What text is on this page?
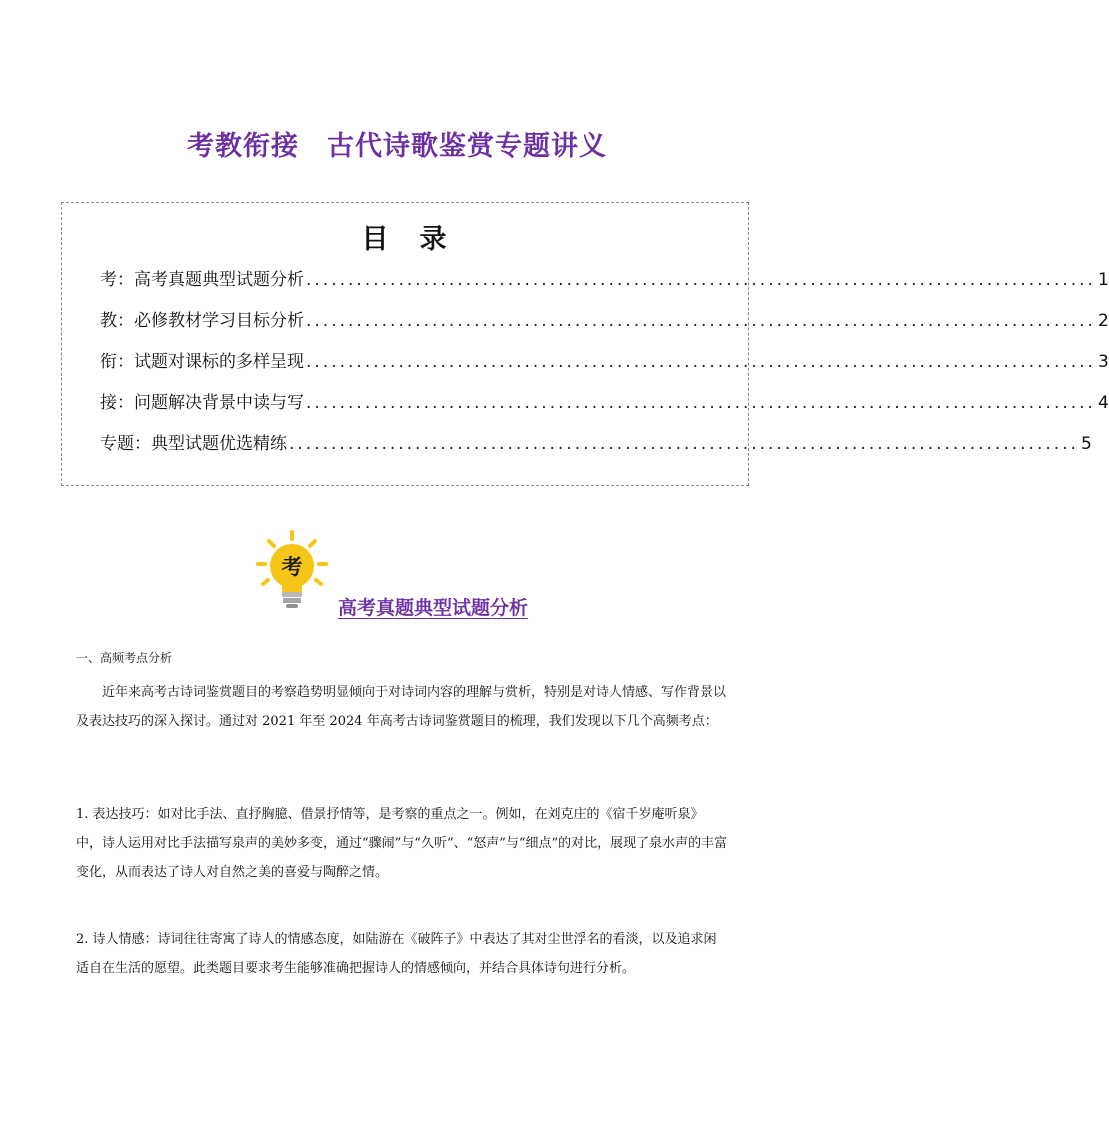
考教衔接　古代诗歌鉴赏专题讲义
目　录
考：高考真题典型试题分析 .............................................................................................. 1
教：必修教材学习目标分析 .............................................................................................. 2
衔：试题对课标的多样呈现 .............................................................................................. 3
接：问题解决背景中读与写 .............................................................................................. 4
专题：典型试题优选精练 .............................................................................................. 5
考
高考真题典型试题分析
一、高频考点分析
近年来高考古诗词鉴赏题目的考察趋势明显倾向于对诗词内容的理解与赏析，特别是对诗人情感、写作背景以及表达技巧的深入探讨。通过对 2021 年至 2024 年高考古诗词鉴赏题目的梳理，我们发现以下几个高频考点：
1. 表达技巧：如对比手法、直抒胸臆、借景抒情等，是考察的重点之一。例如，在刘克庄的《宿千岁庵听泉》中，诗人运用对比手法描写泉声的美妙多变，通过“骤闹”与“久听”、“怒声”与“细点”的对比，展现了泉水声的丰富变化，从而表达了诗人对自然之美的喜爱与陶醉之情。
2. 诗人情感：诗词往往寄寓了诗人的情感态度，如陆游在《破阵子》中表达了其对尘世浮名的看淡，以及追求闲适自在生活的愿望。此类题目要求考生能够准确把握诗人的情感倾向，并结合具体诗句进行分析。
